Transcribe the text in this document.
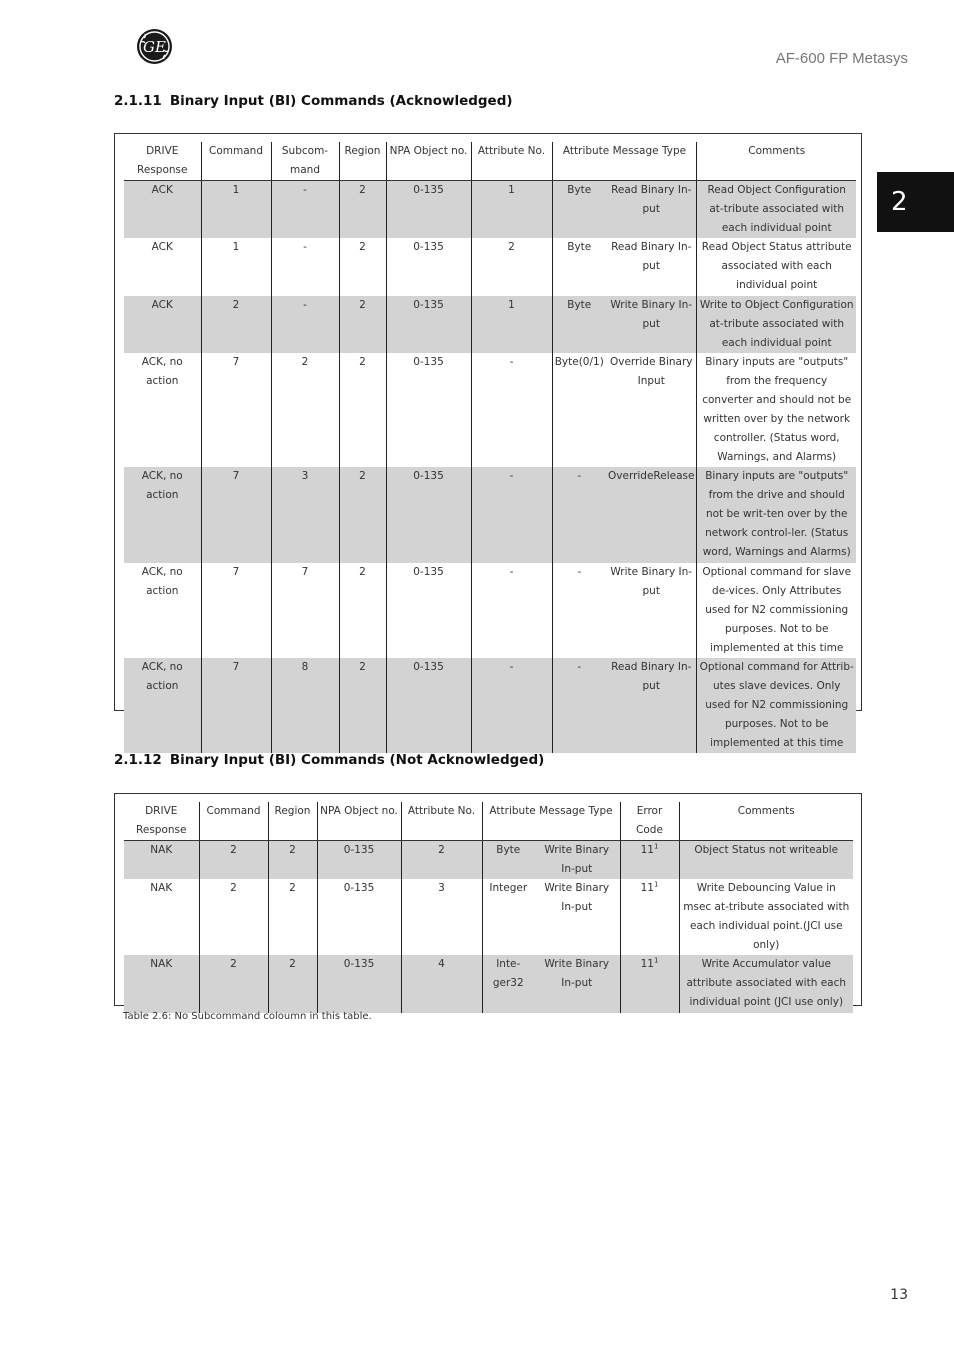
GE
AF-600 FP Metasys
2
2.1.11 Binary Input (BI) Commands (Acknowledged)
DRIVE Response	Command	Subcom-mand	Region	NPA Object no.	Attribute No.	Attribute Message Type		Comments
ACK	1	-	2	0-135	1	Byte	Read Binary In-put	Read Object Configuration at-tribute associated with each individual point
ACK	1	-	2	0-135	2	Byte	Read Binary In-put	Read Object Status attribute associated with each individual point
ACK	2	-	2	0-135	1	Byte	Write Binary In-put	Write to Object Configuration at-tribute associated with each individual point
ACK, no action	7	2	2	0-135	-	Byte(0/1)	Override Binary Input	Binary inputs are "outputs" from the frequency converter and should not be written over by the network controller. (Status word, Warnings, and Alarms)
ACK, no action	7	3	2	0-135	-	-	OverrideRelease	Binary inputs are "outputs" from the drive and should not be writ-ten over by the network control-ler. (Status word, Warnings and Alarms)
ACK, no action	7	7	2	0-135	-	-	Write Binary In-put	Optional command for slave de-vices. Only Attributes used for N2 commissioning purposes. Not to be implemented at this time
ACK, no action	7	8	2	0-135	-	-	Read Binary In-put	Optional command for Attrib-utes slave devices. Only used for N2 commissioning purposes. Not to be implemented at this time
2.1.12 Binary Input (BI) Commands (Not Acknowledged)
DRIVE Response	Command	Region	NPA Object no.	Attribute No.	Attribute Message Type		Error Code	Comments
NAK	2	2	0-135	2	Byte	Write Binary In-put	$11^1$	Object Status not writeable
NAK	2	2	0-135	3	Integer	Write Binary In-put	$11^1$	Write Debouncing Value in msec at-tribute associated with each individual point.(JCI use only)
NAK	2	2	0-135	4	Inte-ger32	Write Binary In-put	$11^1$	Write Accumulator value attribute associated with each individual point (JCI use only)
Table 2.6: No Subcommand coloumn in this table.
13
